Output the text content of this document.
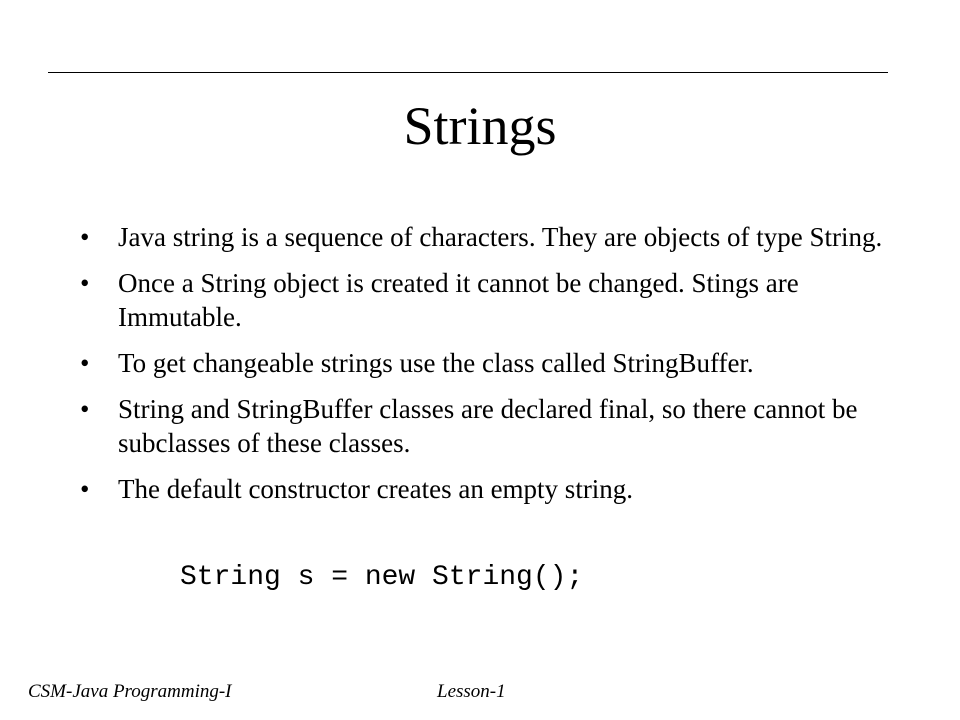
Strings
•	Java string is a sequence of characters. They are objects of type String.
•	Once a String object is created it cannot be changed. Stings are Immutable.
•	To get changeable strings use the class called StringBuffer.
•	String and StringBuffer classes are declared final, so there cannot be subclasses of these classes.
•	The default constructor creates an empty string.
String s = new String();
CSM-Java Programming-I	Lesson-1
